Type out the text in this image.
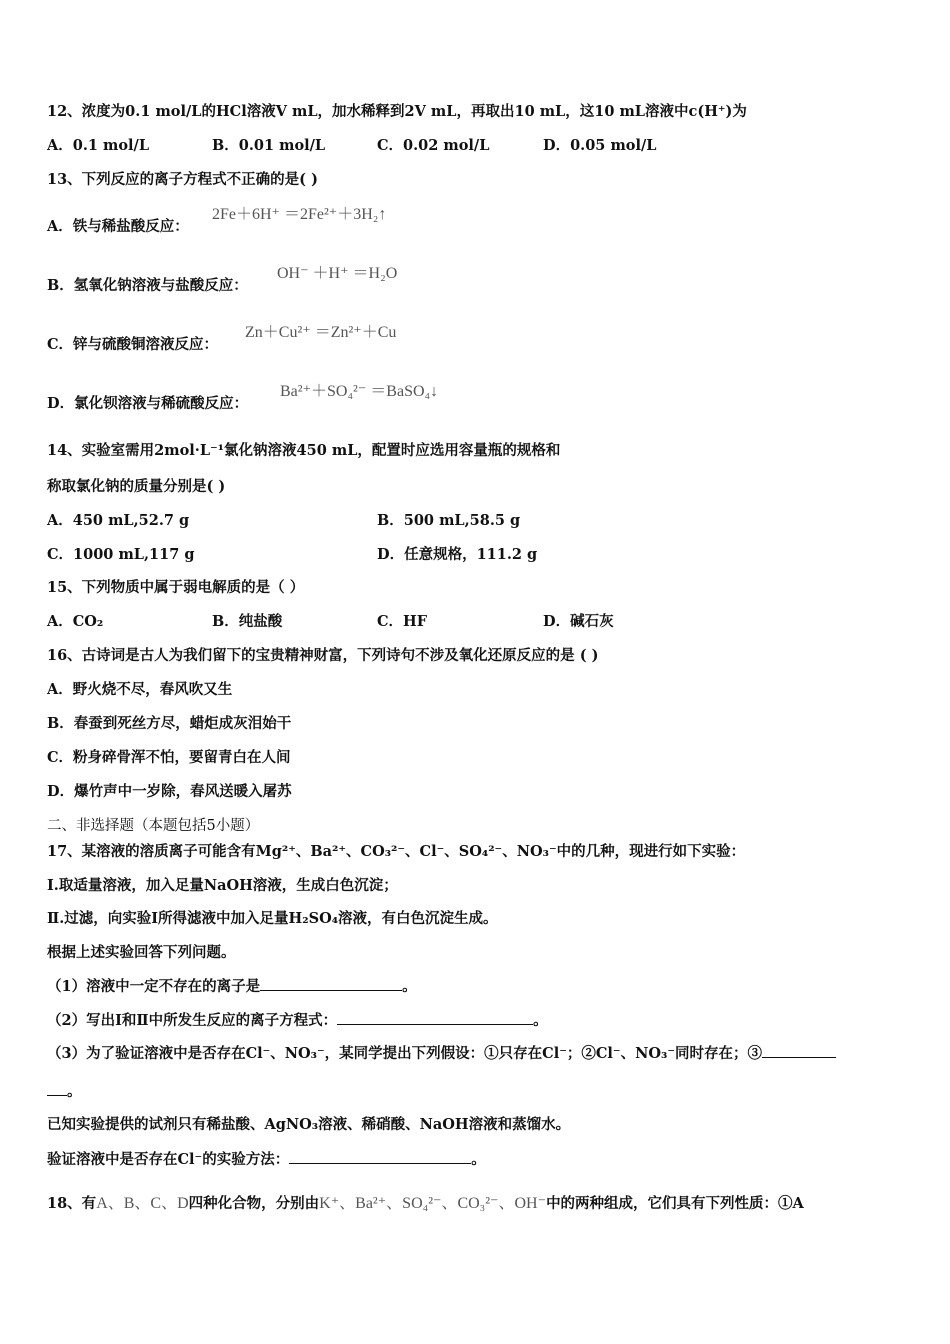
12、浓度为0.1 mol/L的HCl溶液V mL，加水稀释到2V mL，再取出10 mL，这10 mL溶液中c(H⁺)为
A．0.1 mol/L	B．0.01 mol/L	C．0.02 mol/L	D．0.05 mol/L
13、下列反应的离子方程式不正确的是( )
A．铁与稀盐酸反应：
2Fe＋6H⁺ ＝2Fe²⁺＋3H₂↑
B．氢氧化钠溶液与盐酸反应：
OH⁻ ＋H⁺ ＝H₂O
C．锌与硫酸铜溶液反应：
Zn＋Cu²⁺ ＝Zn²⁺＋Cu
D．氯化钡溶液与稀硫酸反应：
Ba²⁺＋SO₄²⁻ ＝BaSO₄↓
14、实验室需用2mol·L⁻¹氯化钠溶液450 mL，配置时应选用容量瓶的规格和
称取氯化钠的质量分别是( )
A．450 mL,52.7 g	B．500 mL,58.5 g
C．1000 mL,117 g	D．任意规格，111.2 g
15、下列物质中属于弱电解质的是（ ）
A．CO₂	B．纯盐酸	C．HF	D．碱石灰
16、古诗词是古人为我们留下的宝贵精神财富，下列诗句不涉及氧化还原反应的是 ( )
A．野火烧不尽，春风吹又生
B．春蚕到死丝方尽，蜡炬成灰泪始干
C．粉身碎骨浑不怕，要留青白在人间
D．爆竹声中一岁除，春风送暖入屠苏
二、非选择题（本题包括5小题）
17、某溶液的溶质离子可能含有Mg²⁺、Ba²⁺、CO₃²⁻、Cl⁻、SO₄²⁻、NO₃⁻中的几种，现进行如下实验：
Ⅰ.取适量溶液，加入足量NaOH溶液，生成白色沉淀；
Ⅱ.过滤，向实验Ⅰ所得滤液中加入足量H₂SO₄溶液，有白色沉淀生成。
根据上述实验回答下列问题。
（1）溶液中一定不存在的离子是	。
（2）写出Ⅰ和Ⅱ中所发生反应的离子方程式：	。
（3）为了验证溶液中是否存在Cl⁻、NO₃⁻，某同学提出下列假设：①只存在Cl⁻；②Cl⁻、NO₃⁻同时存在；③
。
已知实验提供的试剂只有稀盐酸、AgNO₃溶液、稀硝酸、NaOH溶液和蒸馏水。
验证溶液中是否存在Cl⁻的实验方法：	。
18、有A、B、C、D四种化合物，分别由K⁺、Ba²⁺、SO₄²⁻、CO₃²⁻、OH⁻中的两种组成，它们具有下列性质：①A
